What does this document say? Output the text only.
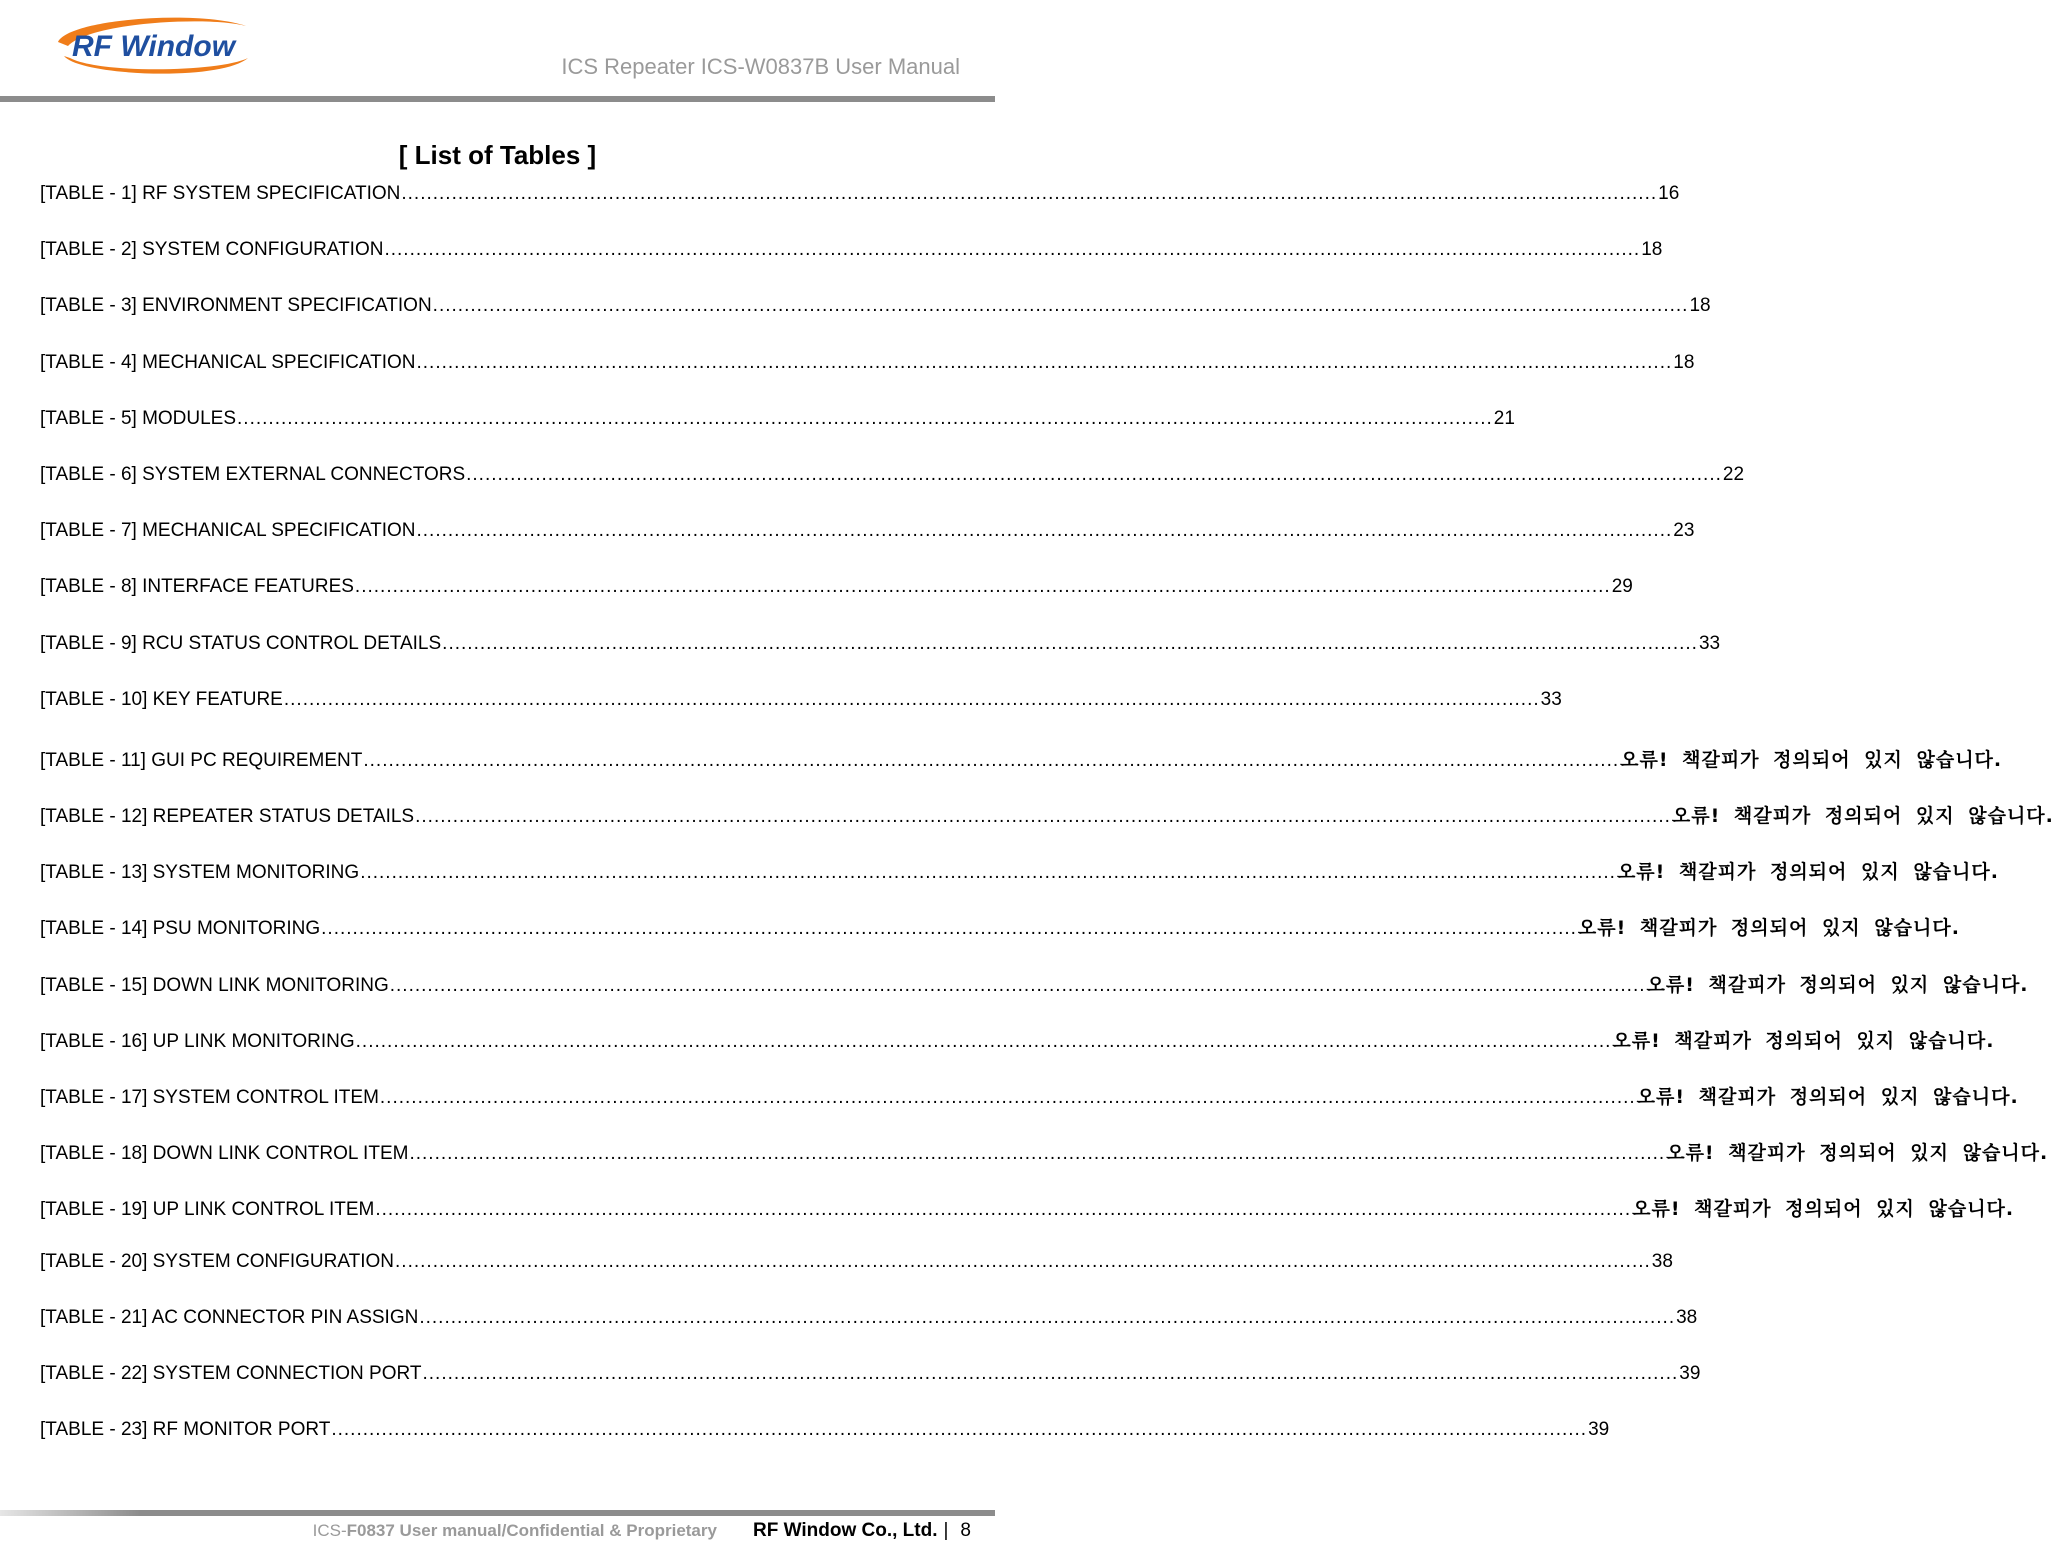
RF Window
ICS Repeater ICS-W0837B User Manual
[ List of Tables ]
[TABLE - 1] RF SYSTEM SPECIFICATION ........................................................................................................................................................................................................ 16
[TABLE - 2] SYSTEM CONFIGURATION ........................................................................................................................................................................................................ 18
[TABLE - 3] ENVIRONMENT SPECIFICATION ........................................................................................................................................................................................................ 18
[TABLE - 4] MECHANICAL SPECIFICATION ........................................................................................................................................................................................................ 18
[TABLE - 5] MODULES ........................................................................................................................................................................................................ 21
[TABLE - 6] SYSTEM EXTERNAL CONNECTORS ........................................................................................................................................................................................................ 22
[TABLE - 7] MECHANICAL SPECIFICATION ........................................................................................................................................................................................................ 23
[TABLE - 8] INTERFACE FEATURES ........................................................................................................................................................................................................ 29
[TABLE - 9] RCU STATUS CONTROL DETAILS ........................................................................................................................................................................................................ 33
[TABLE - 10] KEY FEATURE ........................................................................................................................................................................................................ 33
[TABLE - 11] GUI PC REQUIREMENT ........................................................................................................................................................................................................ 오류! 책갈피가 정의되어 있지 않습니다.
[TABLE - 12] REPEATER STATUS DETAILS ........................................................................................................................................................................................................ 오류! 책갈피가 정의되어 있지 않습니다.
[TABLE - 13] SYSTEM MONITORING ........................................................................................................................................................................................................ 오류! 책갈피가 정의되어 있지 않습니다.
[TABLE - 14] PSU MONITORING ........................................................................................................................................................................................................ 오류! 책갈피가 정의되어 있지 않습니다.
[TABLE - 15] DOWN LINK MONITORING ........................................................................................................................................................................................................ 오류! 책갈피가 정의되어 있지 않습니다.
[TABLE - 16] UP LINK MONITORING ........................................................................................................................................................................................................ 오류! 책갈피가 정의되어 있지 않습니다.
[TABLE - 17] SYSTEM CONTROL ITEM ........................................................................................................................................................................................................ 오류! 책갈피가 정의되어 있지 않습니다.
[TABLE - 18] DOWN LINK CONTROL ITEM ........................................................................................................................................................................................................ 오류! 책갈피가 정의되어 있지 않습니다.
[TABLE - 19] UP LINK CONTROL ITEM ........................................................................................................................................................................................................ 오류! 책갈피가 정의되어 있지 않습니다.
[TABLE - 20] SYSTEM CONFIGURATION ........................................................................................................................................................................................................ 38
[TABLE - 21] AC CONNECTOR PIN ASSIGN ........................................................................................................................................................................................................ 38
[TABLE - 22] SYSTEM CONNECTION PORT ........................................................................................................................................................................................................ 39
[TABLE - 23] RF MONITOR PORT ........................................................................................................................................................................................................ 39
ICS-F0837 User manual/Confidential & Proprietary RF Window Co., Ltd. | 8
